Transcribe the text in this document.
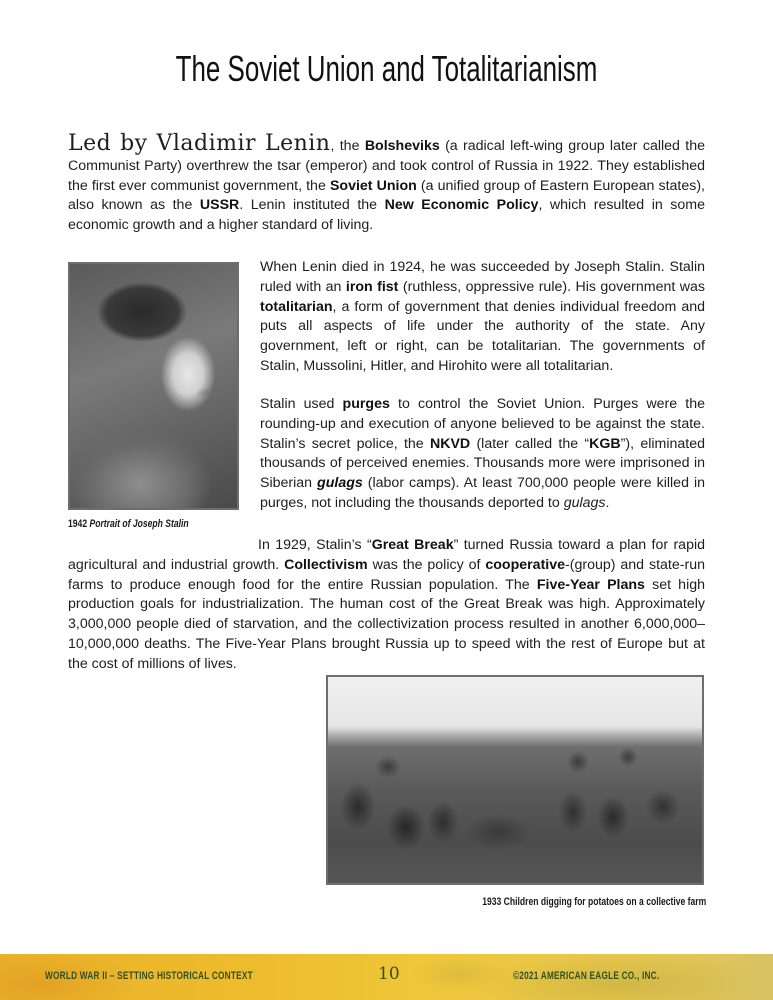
The Soviet Union and Totalitarianism

Led by Vladimir Lenin, the Bolsheviks (a radical left-wing group later called the Communist Party) overthrew the tsar (emperor) and took control of Russia in 1922. They established the first ever communist government, the Soviet Union (a unified group of Eastern European states), also known as the USSR. Lenin instituted the New Economic Policy, which resulted in some economic growth and a higher standard of living.

1942 Portrait of Joseph Stalin

When Lenin died in 1924, he was succeeded by Joseph Stalin. Stalin ruled with an iron fist (ruthless, oppressive rule). His government was totalitarian, a form of government that denies individual freedom and puts all aspects of life under the authority of the state. Any government, left or right, can be totalitarian. The governments of Stalin, Mussolini, Hitler, and Hirohito were all totalitarian.

Stalin used purges to control the Soviet Union. Purges were the rounding-up and execution of anyone believed to be against the state. Stalin’s secret police, the NKVD (later called the “KGB”), eliminated thousands of perceived enemies. Thousands more were imprisoned in Siberian gulags (labor camps). At least 700,000 people were killed in purges, not including the thousands deported to gulags.

In 1929, Stalin’s “Great Break” turned Russia toward a plan for rapid agricultural and industrial growth. Collectivism was the policy of cooperative-(group) and state-run farms to produce enough food for the entire Russian population. The Five-Year Plans set high production goals for industrialization. The human cost of the Great Break was high. Approximately 3,000,000 people died of starvation, and the collectivization process resulted in another 6,000,000–10,000,000 deaths. The Five-Year Plans brought Russia up to speed with the rest of Europe but at the cost of millions of lives.

1933 Children digging for potatoes on a collective farm
WORLD WAR II – SETTING HISTORICAL CONTEXT	10	©2021 AMERICAN EAGLE CO., INC.
